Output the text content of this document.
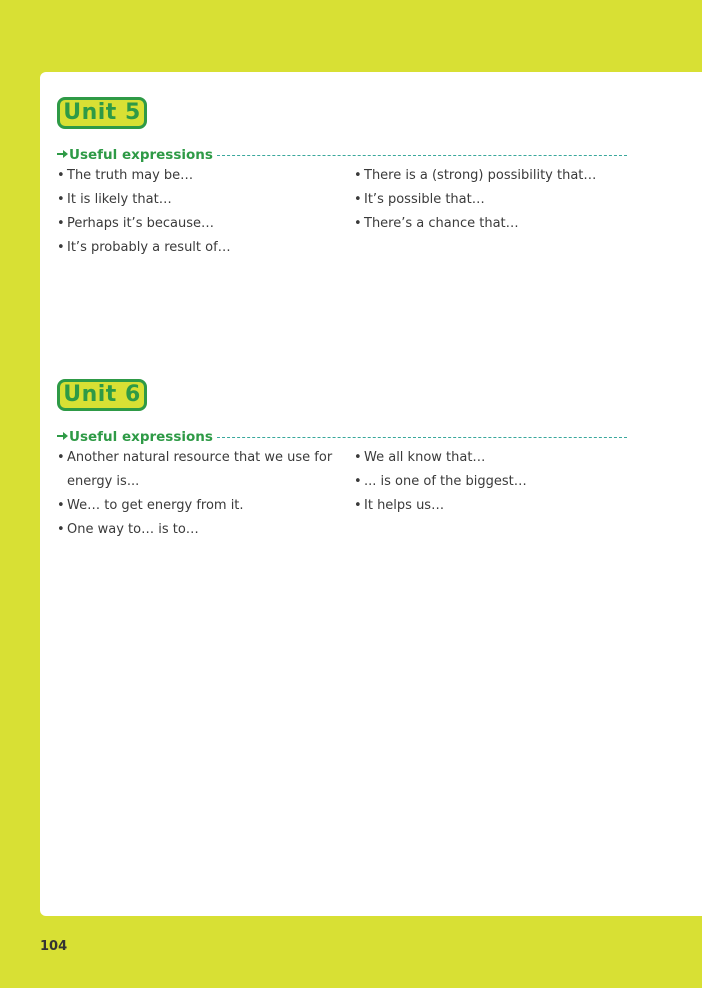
Unit 5
Useful expressions
• The truth may be…
• It is likely that…
• Perhaps it’s because…
• It’s probably a result of…
• There is a (strong) possibility that…
• It’s possible that…
• There’s a chance that…
Unit 6
Useful expressions
• Another natural resource that we use for energy is...
• We… to get energy from it.
• One way to… is to…
• We all know that…
• ... is one of the biggest…
• It helps us…
104
